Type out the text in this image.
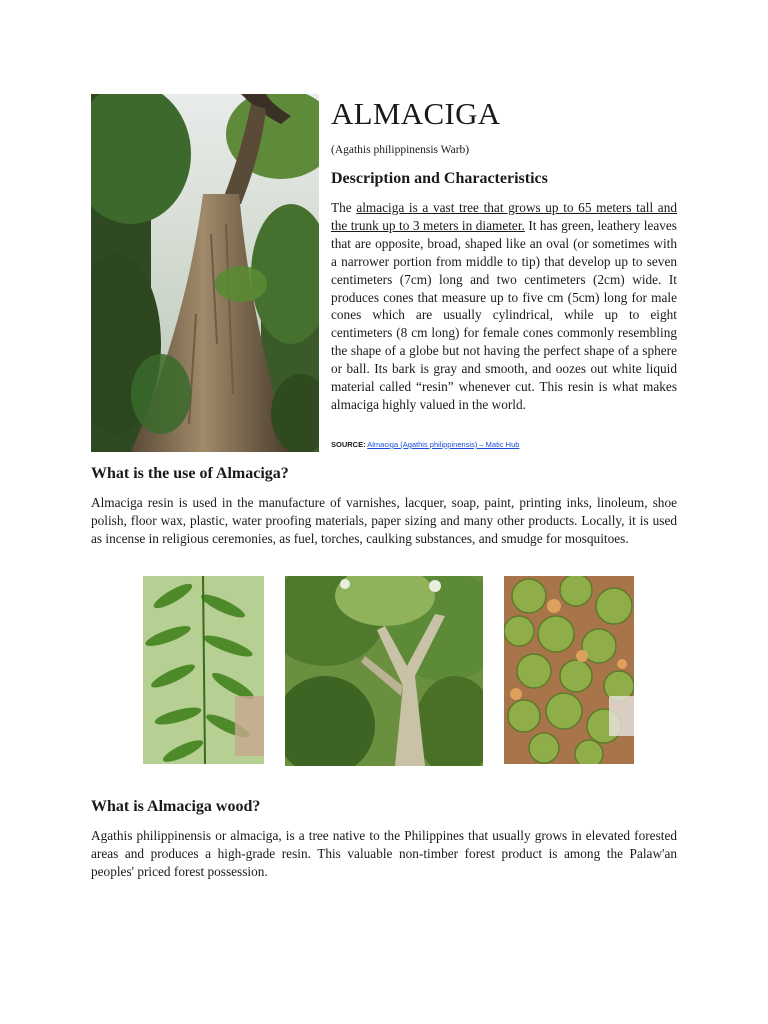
ALMACIGA
(Agathis philippinensis Warb)
Description and Characteristics
The almaciga is a vast tree that grows up to 65 meters tall and the trunk up to 3 meters in diameter. It has green, leathery leaves that are opposite, broad, shaped like an oval (or sometimes with a narrower portion from middle to tip) that develop up to seven centimeters (7cm) long and two centimeters (2cm) wide. It produces cones that measure up to five cm (5cm) long for male cones which are usually cylindrical, while up to eight centimeters (8 cm long) for female cones commonly resembling the shape of a globe but not having the perfect shape of a sphere or ball. Its bark is gray and smooth, and oozes out white liquid material called “resin” whenever cut. This resin is what makes almaciga highly valued in the world.
SOURCE: Almaciga (Agathis philippinensis) – Matic Hub
What is the use of Almaciga?
Almaciga resin is used in the manufacture of varnishes, lacquer, soap, paint, printing inks, linoleum, shoe polish, floor wax, plastic, water proofing materials, paper sizing and many other products. Locally, it is used as incense in religious ceremonies, as fuel, torches, caulking substances, and smudge for mosquitoes.
What is Almaciga wood?
Agathis philippinensis or almaciga, is a tree native to the Philippines that usually grows in elevated forested areas and produces a high-grade resin. This valuable non-timber forest product is among the Palaw'an peoples' priced forest possession.
